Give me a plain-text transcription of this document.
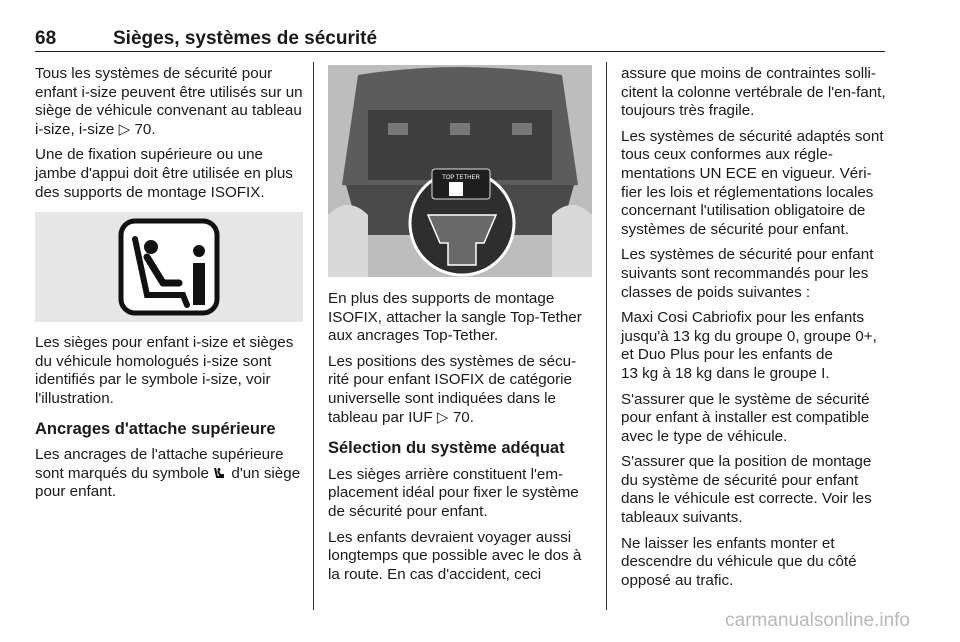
68	Sièges, systèmes de sécurité

Tous les systèmes de sécurité pour enfant i-size peuvent être utilisés sur un siège de véhicule convenant au tableau i-size, i-size ▷ 70.

Une de fixation supérieure ou une jambe d'appui doit être utilisée en plus des supports de montage ISOFIX.

Les sièges pour enfant i-size et sièges du véhicule homologués i-size sont identifiés par le symbole i-size, voir l'illustration.

Ancrages d'attache supérieure

Les ancrages de l'attache supérieure sont marqués du symbole d'un siège pour enfant.

TOP TETHER

En plus des supports de montage ISOFIX, attacher la sangle Top-Tether aux ancrages Top-Tether.

Les positions des systèmes de sécu-rité pour enfant ISOFIX de catégorie universelle sont indiquées dans le tableau par IUF ▷ 70.

Sélection du système adéquat

Les sièges arrière constituent l'em-placement idéal pour fixer le système de sécurité pour enfant.

Les enfants devraient voyager aussi longtemps que possible avec le dos à la route. En cas d'accident, ceci

assure que moins de contraintes solli-citent la colonne vertébrale de l'en-fant, toujours très fragile.

Les systèmes de sécurité adaptés sont tous ceux conformes aux régle-mentations UN ECE en vigueur. Véri-fier les lois et réglementations locales concernant l'utilisation obligatoire de systèmes de sécurité pour enfant.

Les systèmes de sécurité pour enfant suivants sont recommandés pour les classes de poids suivantes :

Maxi Cosi Cabriofix pour les enfants jusqu'à 13 kg du groupe 0, groupe 0+, et Duo Plus pour les enfants de 13 kg à 18 kg dans le groupe I.

S'assurer que le système de sécurité pour enfant à installer est compatible avec le type de véhicule.

S'assurer que la position de montage du système de sécurité pour enfant dans le véhicule est correcte. Voir les tableaux suivants.

Ne laisser les enfants monter et descendre du véhicule que du côté opposé au trafic.

carmanualsonline.info
